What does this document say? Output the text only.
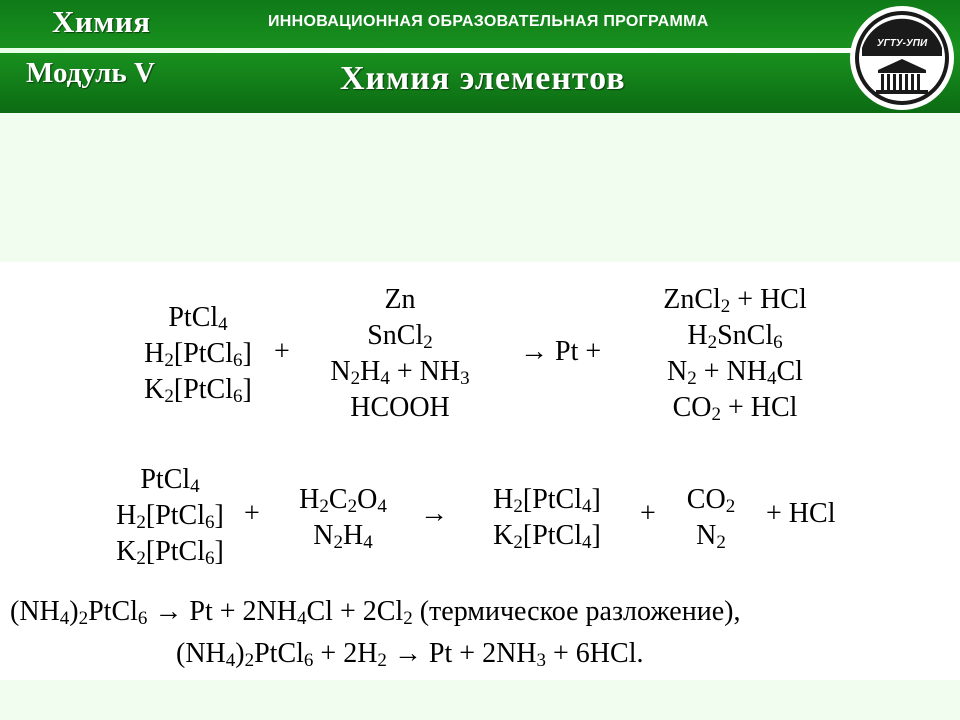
Химия	ИННОВАЦИОННАЯ ОБРАЗОВАТЕЛЬНАЯ ПРОГРАММА
Модуль V	Химия элементов
УГТУ-УПИ
PtCl$_4$
$H_2[PtCl_6]$
$K_2[PtCl_6]$
+
Zn
SnCl$_2$
$N_2H_4 + NH_3$
HCOOH
→ Pt +
ZnCl$_2$ + HCl
$H_2SnCl_6$
$N_2 + NH_4Cl$
$CO_2$ + HCl
PtCl$_4$
$H_2[PtCl_6]$
$K_2[PtCl_6]$
+	$H_2C_2O_4$
$N_2H_4$
→	$H_2[PtCl_4]$
$K_2[PtCl_4]$
+	$CO_2$
$N_2$
+ HCl
$(NH_4)_2PtCl_6 \to Pt + 2NH_4Cl + 2Cl_2$ (термическое разложение),
$(NH_4)_2PtCl_6 + 2H_2 \to Pt + 2NH_3 + 6HCl$.
